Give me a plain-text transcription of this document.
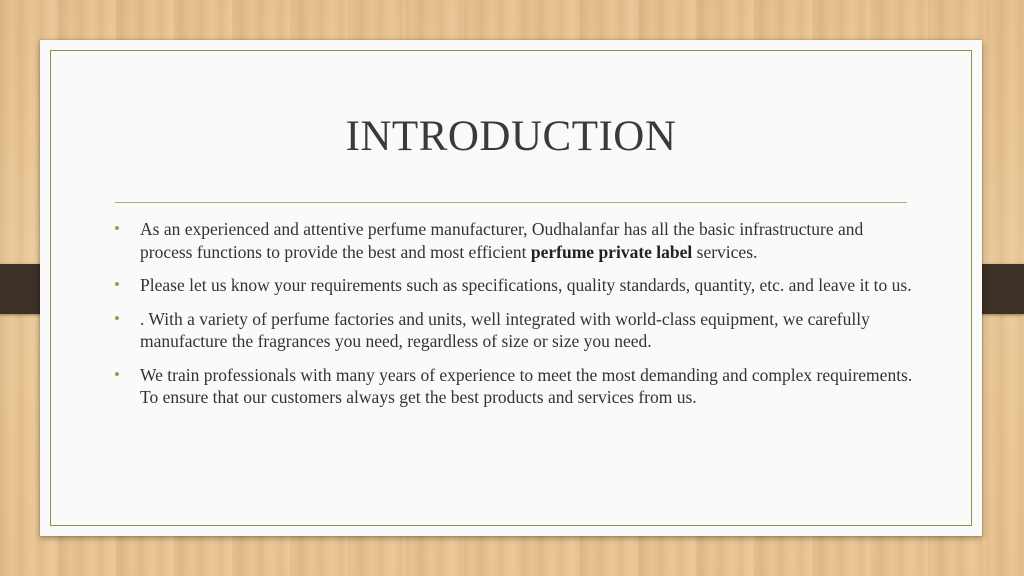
INTRODUCTION
• As an experienced and attentive perfume manufacturer, Oudhalanfar has all the basic infrastructure and process functions to provide the best and most efficient perfume private label services.
• Please let us know your requirements such as specifications, quality standards, quantity, etc. and leave it to us.
• . With a variety of perfume factories and units, well integrated with world-class equipment, we carefully manufacture the fragrances you need, regardless of size or size you need.
• We train professionals with many years of experience to meet the most demanding and complex requirements. To ensure that our customers always get the best products and services from us.
